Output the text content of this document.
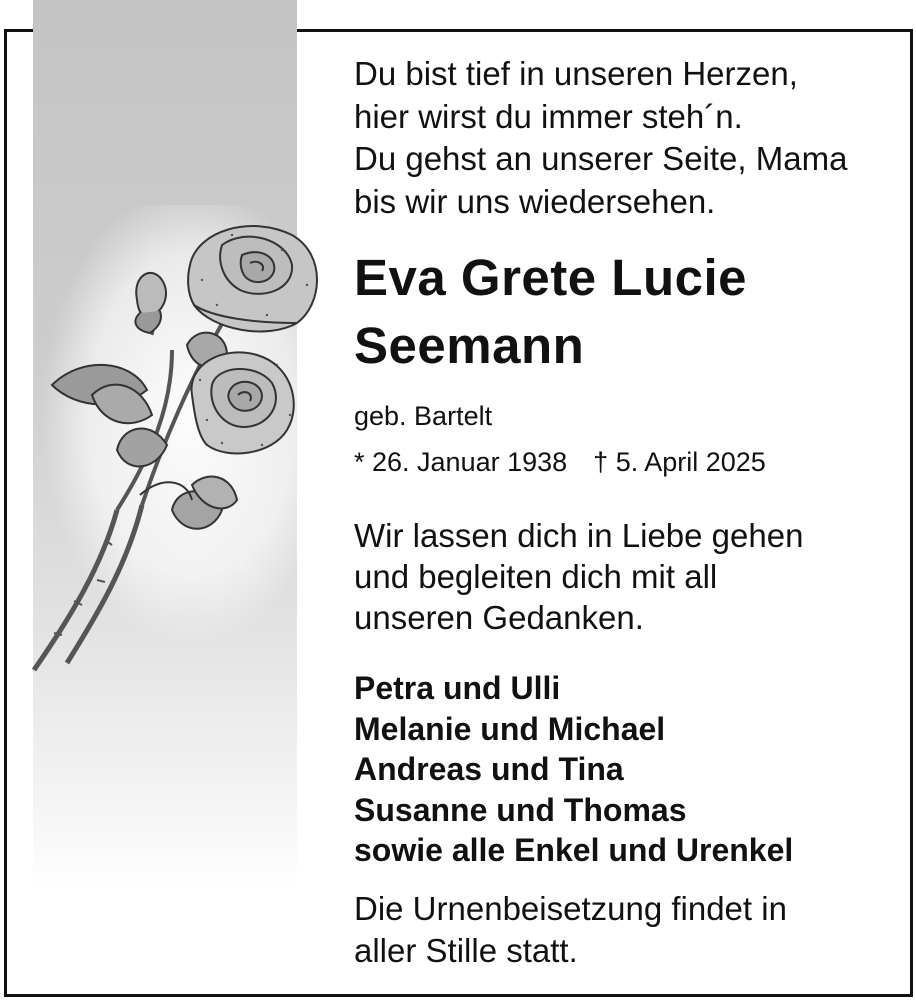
Du bist tief in unseren Herzen,
hier wirst du immer steh´n.
Du gehst an unserer Seite, Mama
bis wir uns wiedersehen.
Eva Grete Lucie
Seemann
geb. Bartelt
* 26. Januar 1938 † 5. April 2025
Wir lassen dich in Liebe gehen
und begleiten dich mit all
unseren Gedanken.
Petra und Ulli
Melanie und Michael
Andreas und Tina
Susanne und Thomas
sowie alle Enkel und Urenkel
Die Urnenbeisetzung findet in
aller Stille statt.
